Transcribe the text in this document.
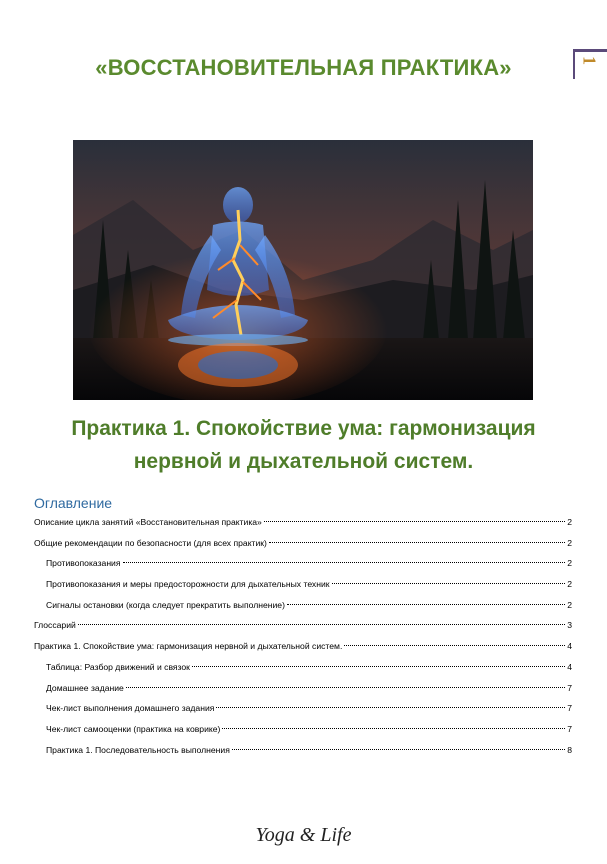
1
«ВОССТАНОВИТЕЛЬНАЯ ПРАКТИКА»
Практика 1. Спокойствие ума: гармонизация
нервной и дыхательной систем.
Оглавление
Описание цикла занятий «Восстановительная практика»	2
Общие рекомендации по безопасности (для всех практик)	2
Противопоказания	2
Противопоказания и меры предосторожности для дыхательных техник	2
Сигналы остановки (когда следует прекратить выполнение)	2
Глоссарий	3
Практика 1. Спокойствие ума: гармонизация нервной и дыхательной систем.	4
Таблица: Разбор движений и связок	4
Домашнее задание	7
Чек-лист выполнения домашнего задания	7
Чек-лист самооценки (практика на коврике)	7
Практика 1. Последовательность выполнения	8
Yoga & Life
